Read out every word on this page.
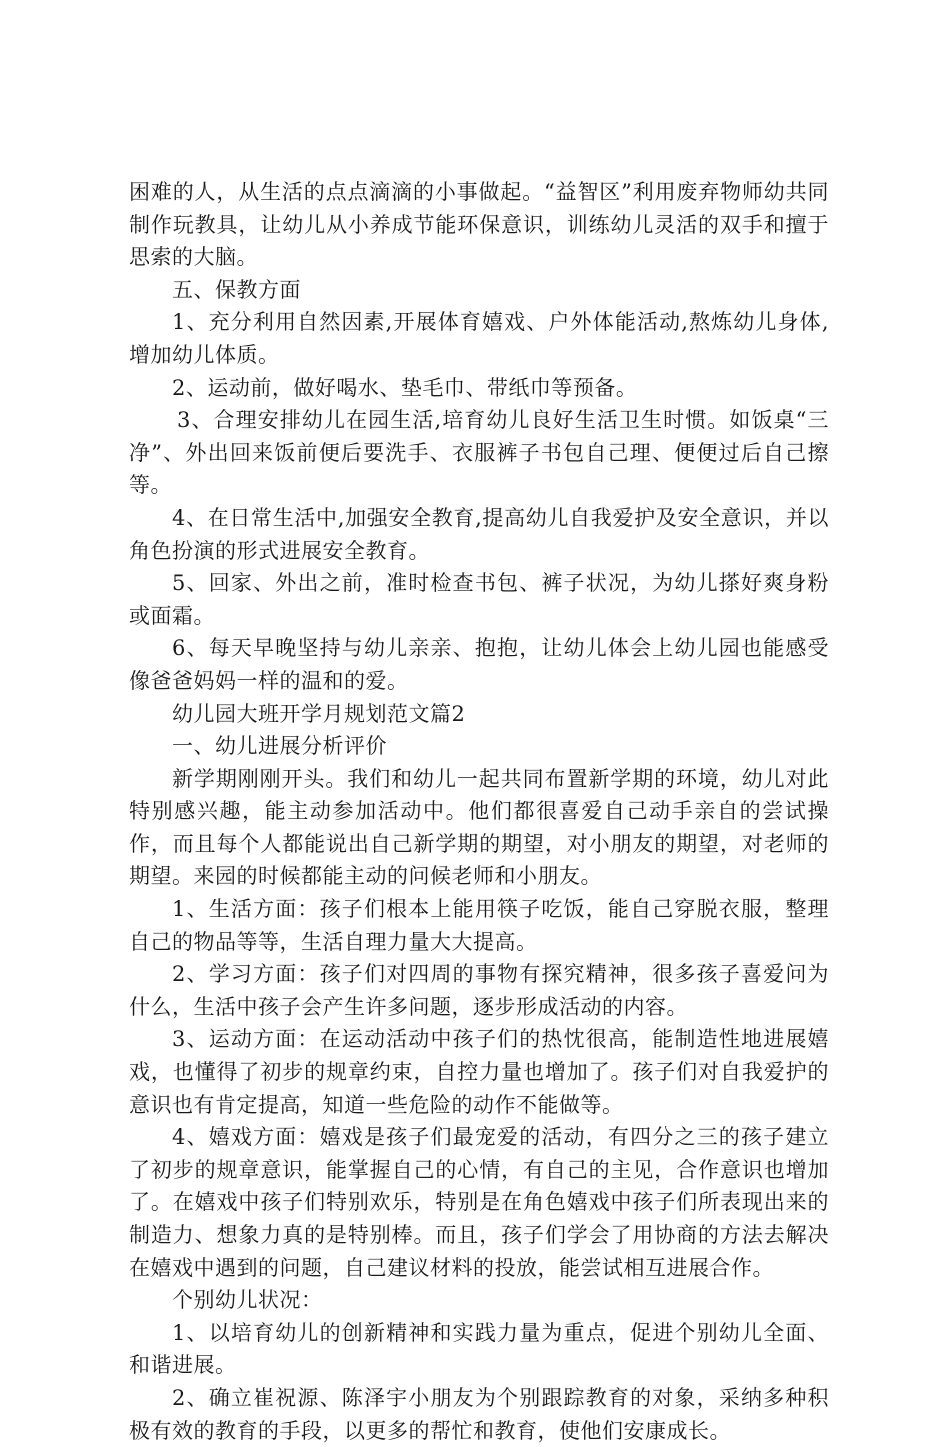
困难的人，从生活的点点滴滴的小事做起。“益智区”利用废弃物师幼共同制作玩教具，让幼儿从小养成节能环保意识，训练幼儿灵活的双手和擅于思索的大脑。

五、保教方面

1、充分利用自然因素,开展体育嬉戏、户外体能活动,熬炼幼儿身体,增加幼儿体质。

2、运动前，做好喝水、垫毛巾、带纸巾等预备。

3、合理安排幼儿在园生活,培育幼儿良好生活卫生时惯。如饭桌“三净”、外出回来饭前便后要洗手、衣服裤子书包自己理、便便过后自己擦等。

4、在日常生活中,加强安全教育,提高幼儿自我爱护及安全意识，并以角色扮演的形式进展安全教育。

5、回家、外出之前，准时检查书包、裤子状况，为幼儿搽好爽身粉或面霜。

6、每天早晚坚持与幼儿亲亲、抱抱，让幼儿体会上幼儿园也能感受像爸爸妈妈一样的温和的爱。

幼儿园大班开学月规划范文篇2

一、幼儿进展分析评价

新学期刚刚开头。我们和幼儿一起共同布置新学期的环境，幼儿对此特别感兴趣，能主动参加活动中。他们都很喜爱自己动手亲自的尝试操作，而且每个人都能说出自己新学期的期望，对小朋友的期望，对老师的期望。来园的时候都能主动的问候老师和小朋友。

1、生活方面：孩子们根本上能用筷子吃饭，能自己穿脱衣服，整理自己的物品等等，生活自理力量大大提高。

2、学习方面：孩子们对四周的事物有探究精神，很多孩子喜爱问为什么，生活中孩子会产生许多问题，逐步形成活动的内容。

3、运动方面：在运动活动中孩子们的热忱很高，能制造性地进展嬉戏，也懂得了初步的规章约束，自控力量也增加了。孩子们对自我爱护的意识也有肯定提高，知道一些危险的动作不能做等。

4、嬉戏方面：嬉戏是孩子们最宠爱的活动，有四分之三的孩子建立了初步的规章意识，能掌握自己的心情，有自己的主见，合作意识也增加了。在嬉戏中孩子们特别欢乐，特别是在角色嬉戏中孩子们所表现出来的制造力、想象力真的是特别棒。而且，孩子们学会了用协商的方法去解决在嬉戏中遇到的问题，自己建议材料的投放，能尝试相互进展合作。

个别幼儿状况：

1、以培育幼儿的创新精神和实践力量为重点，促进个别幼儿全面、和谐进展。

2、确立崔祝源、陈泽宇小朋友为个别跟踪教育的对象，采纳多种积极有效的教育的手段，以更多的帮忙和教育，使他们安康成长。
